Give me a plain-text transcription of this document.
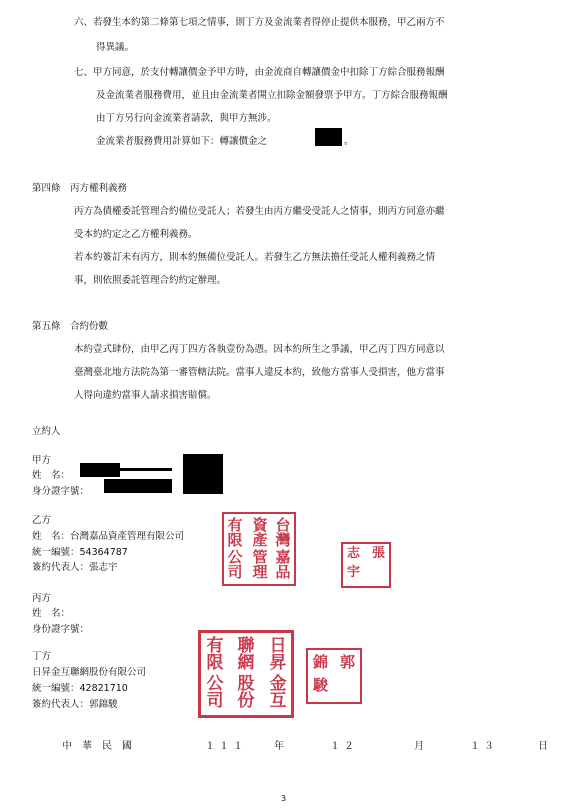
六、若發生本約第二條第七項之情事，則丁方及金流業者得停止提供本服務，甲乙兩方不
得異議。
七、甲方同意，於支付轉讓價金予甲方時，由金流商自轉讓價金中扣除丁方綜合服務報酬
及金流業者服務費用，並且由金流業者開立扣除金額發票予甲方。丁方綜合服務報酬
由丁方另行向金流業者請款，與甲方無涉。
金流業者服務費用計算如下：轉讓價金之	。
第四條　丙方權利義務
丙方為債權委託管理合約備位受託人；若發生由丙方繼受受託人之情事，則丙方同意亦繼
受本約約定之乙方權利義務。
若本約簽訂未有丙方，則本約無備位受託人。若發生乙方無法擔任受託人權利義務之情
事，則依照委託管理合約約定辦理。
第五條　合約份數
本約壹式肆份，由甲乙丙丁四方各執壹份為憑。因本約所生之爭議，甲乙丙丁四方同意以
臺灣臺北地方法院為第一審管轄法院。當事人違反本約，致他方當事人受損害，他方當事
人得向違約當事人請求損害賠償。
立約人
甲方
姓　名：
身分證字號：
乙方
姓　名：台灣嘉品資產管理有限公司
統一編號：54364787
簽約代表人：張志宇
台灣
嘉品
資產
管理
有限
公司
張
志
宇
丙方
姓　名：
身份證字號：
丁方
日昇金互聯網股份有限公司
統一編號：42821710
簽約代表人：郭錦駿
日昇
金互
聯網
股份
有限
公司
郭
錦
駿
中　華　民　國	１１１	年	１２	月	１３	日
3
